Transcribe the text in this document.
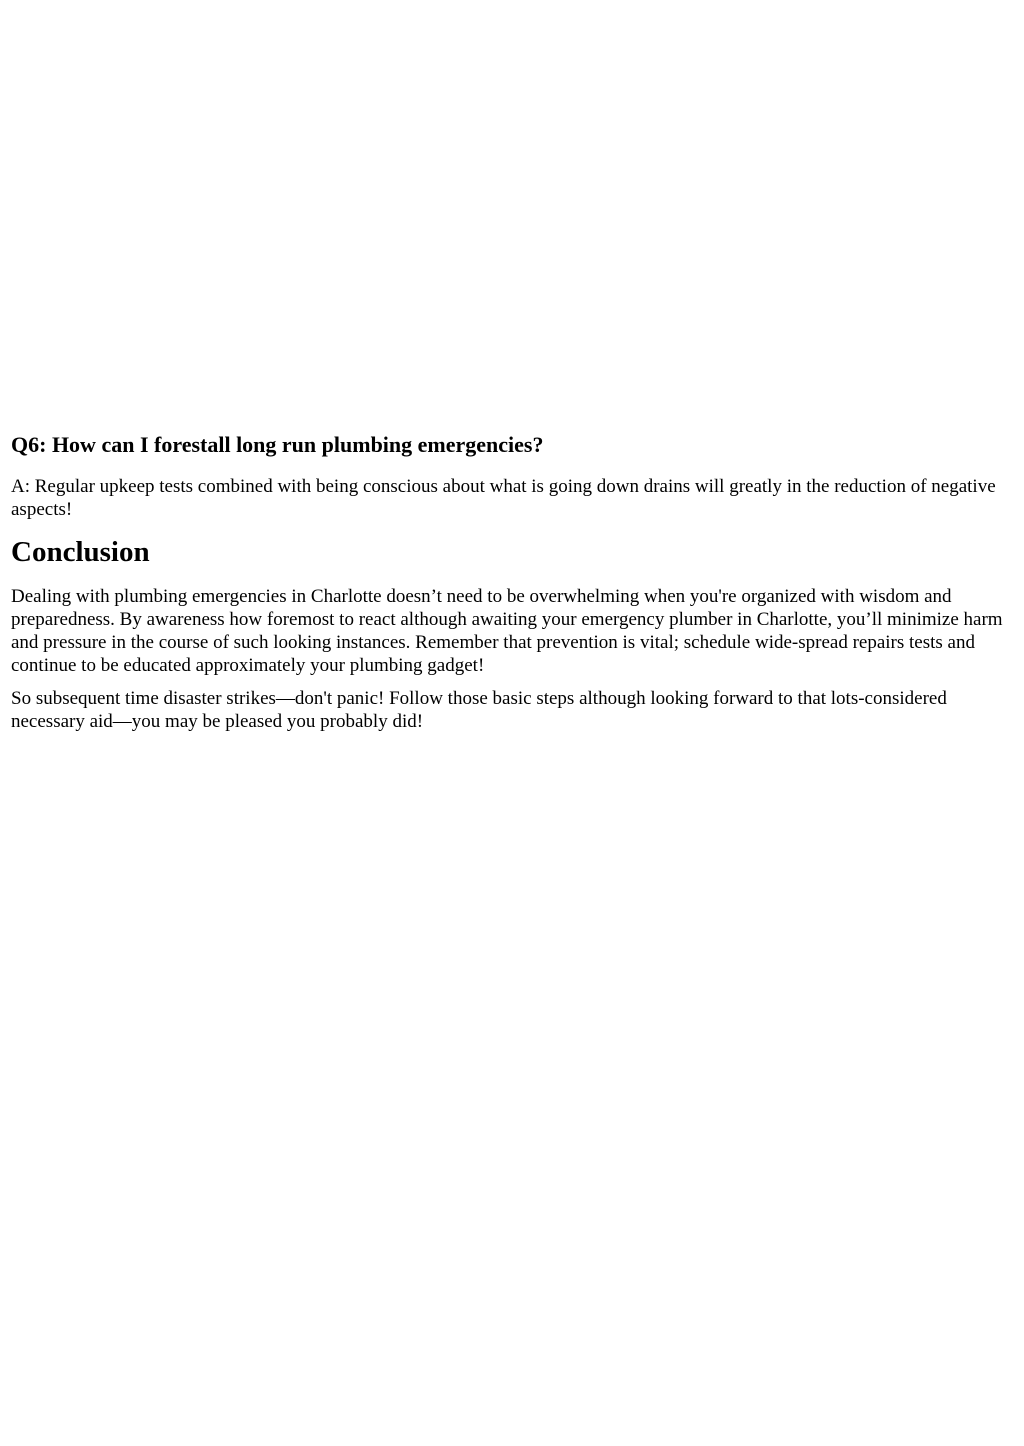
Q6: How can I forestall long run plumbing emergencies?

A: Regular upkeep tests combined with being conscious about what is going down drains will greatly in the reduction of negative aspects!

Conclusion

Dealing with plumbing emergencies in Charlotte doesn’t need to be overwhelming when you're organized with wisdom and preparedness. By awareness how foremost to react although awaiting your emergency plumber in Charlotte, you’ll minimize harm and pressure in the course of such looking instances. Remember that prevention is vital; schedule wide-spread repairs tests and continue to be educated approximately your plumbing gadget!

So subsequent time disaster strikes—don't panic! Follow those basic steps although looking forward to that lots-considered necessary aid—you may be pleased you probably did!
